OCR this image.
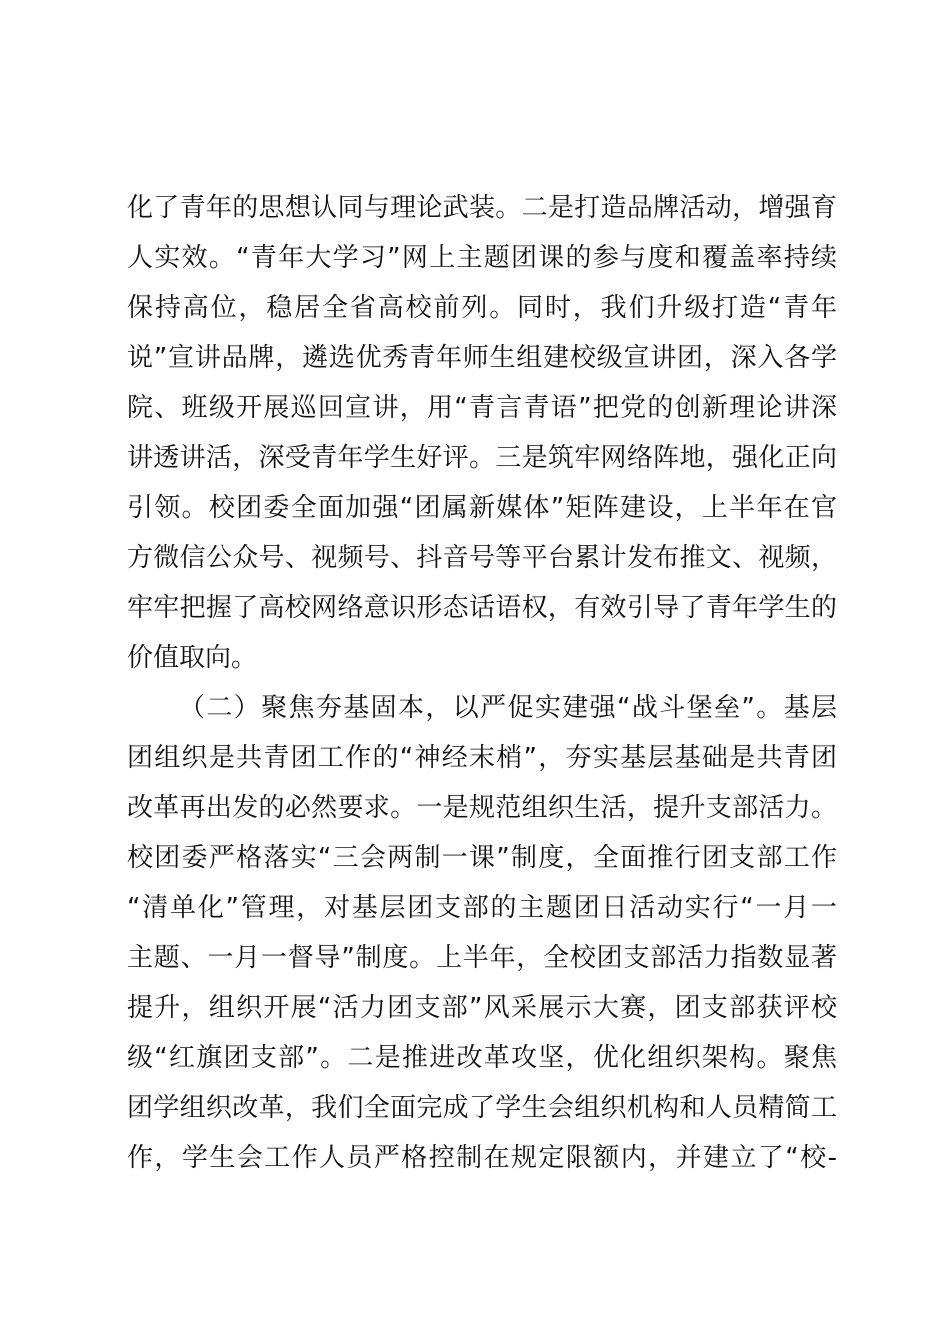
化了青年的思想认同与理论武装。二是打造品牌活动，增强育
人实效。“青年大学习”网上主题团课的参与度和覆盖率持续
保持高位，稳居全省高校前列。同时，我们升级打造“青年
说”宣讲品牌，遴选优秀青年师生组建校级宣讲团，深入各学
院、班级开展巡回宣讲，用“青言青语”把党的创新理论讲深
讲透讲活，深受青年学生好评。三是筑牢网络阵地，强化正向
引领。校团委全面加强“团属新媒体”矩阵建设，上半年在官
方微信公众号、视频号、抖音号等平台累计发布推文、视频，
牢牢把握了高校网络意识形态话语权，有效引导了青年学生的
价值取向。
（二）聚焦夯基固本，以严促实建强“战斗堡垒”。基层
团组织是共青团工作的“神经末梢”，夯实基层基础是共青团
改革再出发的必然要求。一是规范组织生活，提升支部活力。
校团委严格落实“三会两制一课”制度，全面推行团支部工作
“清单化”管理，对基层团支部的主题团日活动实行“一月一
主题、一月一督导”制度。上半年，全校团支部活力指数显著
提升，组织开展“活力团支部”风采展示大赛，团支部获评校
级“红旗团支部”。二是推进改革攻坚，优化组织架构。聚焦
团学组织改革，我们全面完成了学生会组织机构和人员精简工
作，学生会工作人员严格控制在规定限额内，并建立了“校-
